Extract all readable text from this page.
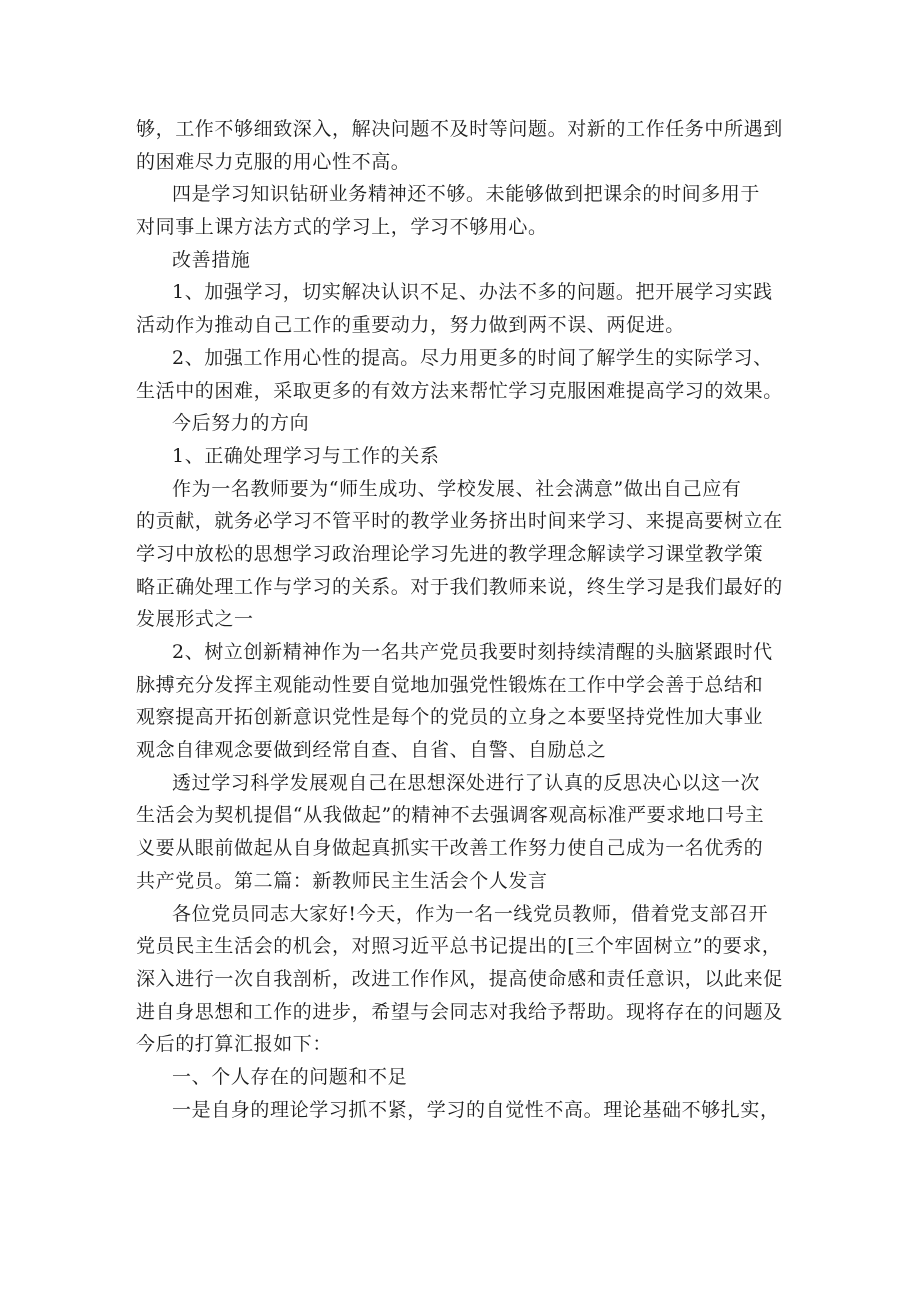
够，工作不够细致深入，解决问题不及时等问题。对新的工作任务中所遇到
的困难尽力克服的用心性不高。
四是学习知识钻研业务精神还不够。未能够做到把课余的时间多用于
对同事上课方法方式的学习上，学习不够用心。
改善措施
1、加强学习，切实解决认识不足、办法不多的问题。把开展学习实践
活动作为推动自己工作的重要动力，努力做到两不误、两促进。
2、加强工作用心性的提高。尽力用更多的时间了解学生的实际学习、
生活中的困难，采取更多的有效方法来帮忙学习克服困难提高学习的效果。
今后努力的方向
1、正确处理学习与工作的关系
作为一名教师要为“师生成功、学校发展、社会满意”做出自己应有
的贡献，就务必学习不管平时的教学业务挤出时间来学习、来提高要树立在
学习中放松的思想学习政治理论学习先进的教学理念解读学习课堂教学策
略正确处理工作与学习的关系。对于我们教师来说，终生学习是我们最好的
发展形式之一
2、树立创新精神作为一名共产党员我要时刻持续清醒的头脑紧跟时代
脉搏充分发挥主观能动性要自觉地加强党性锻炼在工作中学会善于总结和
观察提高开拓创新意识党性是每个的党员的立身之本要坚持党性加大事业
观念自律观念要做到经常自查、自省、自警、自励总之
透过学习科学发展观自己在思想深处进行了认真的反思决心以这一次
生活会为契机提倡“从我做起”的精神不去强调客观高标准严要求地口号主
义要从眼前做起从自身做起真抓实干改善工作努力使自己成为一名优秀的
共产党员。第二篇：新教师民主生活会个人发言
各位党员同志大家好!今天，作为一名一线党员教师，借着党支部召开
党员民主生活会的机会，对照习近平总书记提出的[三个牢固树立”的要求，
深入进行一次自我剖析，改进工作作风，提高使命感和责任意识，以此来促
进自身思想和工作的进步，希望与会同志对我给予帮助。现将存在的问题及
今后的打算汇报如下：
一、个人存在的问题和不足
一是自身的理论学习抓不紧，学习的自觉性不高。理论基础不够扎实，
